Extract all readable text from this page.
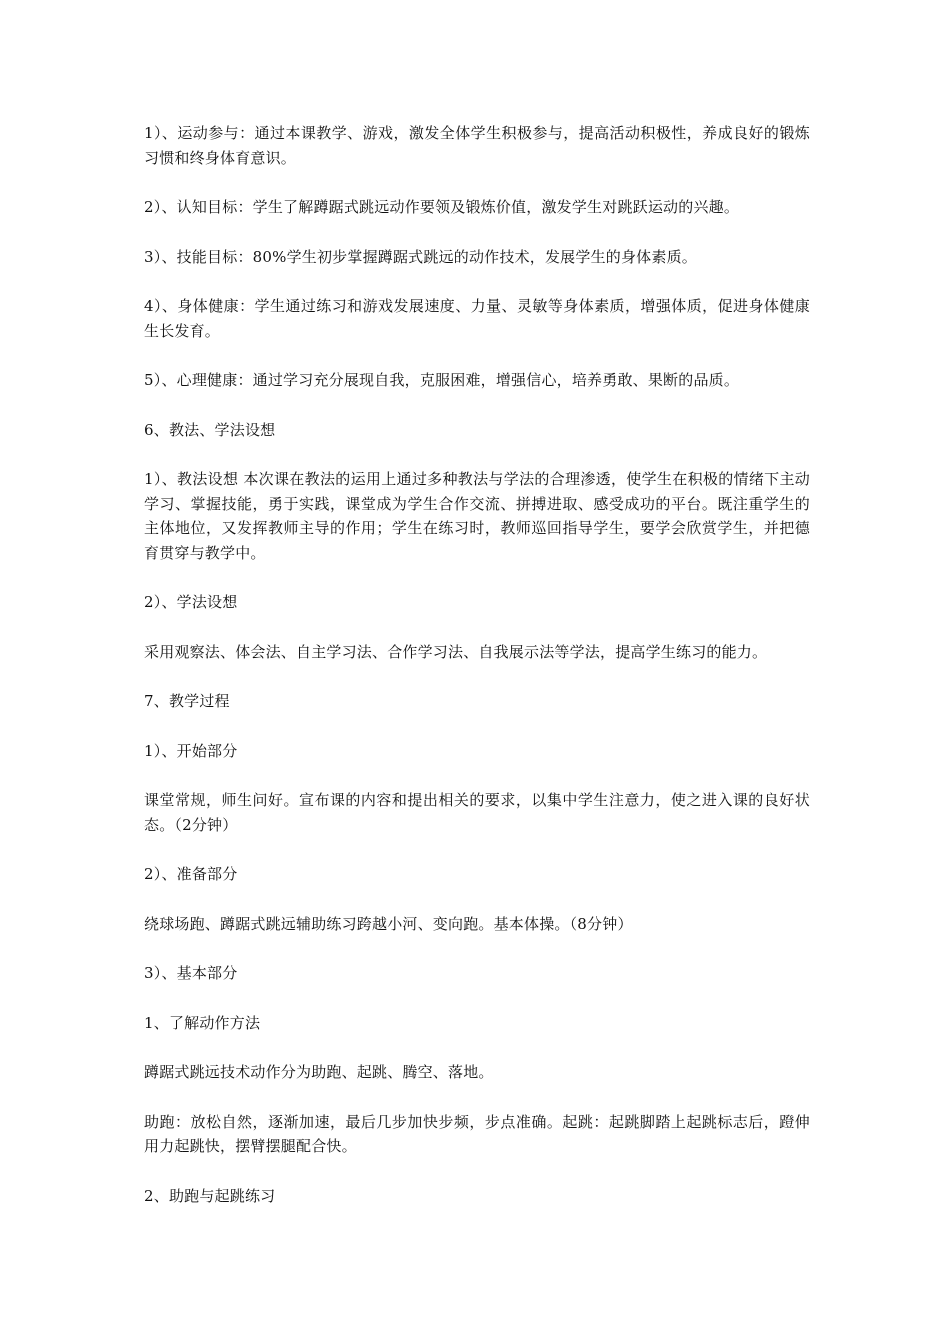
1）、运动参与：通过本课教学、游戏，激发全体学生积极参与，提高活动积极性，养成良好的锻炼习惯和终身体育意识。

2）、认知目标：学生了解蹲踞式跳远动作要领及锻炼价值，激发学生对跳跃运动的兴趣。

3）、技能目标：80%学生初步掌握蹲踞式跳远的动作技术，发展学生的身体素质。

4）、身体健康：学生通过练习和游戏发展速度、力量、灵敏等身体素质，增强体质，促进身体健康生长发育。

5）、心理健康：通过学习充分展现自我，克服困难，增强信心，培养勇敢、果断的品质。

6、教法、学法设想

1）、教法设想 本次课在教法的运用上通过多种教法与学法的合理渗透，使学生在积极的情绪下主动学习、掌握技能，勇于实践，课堂成为学生合作交流、拼搏进取、感受成功的平台。既注重学生的主体地位，又发挥教师主导的作用；学生在练习时，教师巡回指导学生，要学会欣赏学生，并把德育贯穿与教学中。

2）、学法设想

采用观察法、体会法、自主学习法、合作学习法、自我展示法等学法，提高学生练习的能力。

7、教学过程

1）、开始部分

课堂常规，师生问好。宣布课的内容和提出相关的要求，以集中学生注意力，使之进入课的良好状态。（2分钟）

2）、准备部分

绕球场跑、蹲踞式跳远辅助练习跨越小河、变向跑。基本体操。（8分钟）

3）、基本部分

1、了解动作方法

蹲踞式跳远技术动作分为助跑、起跳、腾空、落地。

助跑：放松自然，逐渐加速，最后几步加快步频，步点准确。起跳：起跳脚踏上起跳标志后，蹬伸用力起跳快，摆臂摆腿配合快。

2、助跑与起跳练习
